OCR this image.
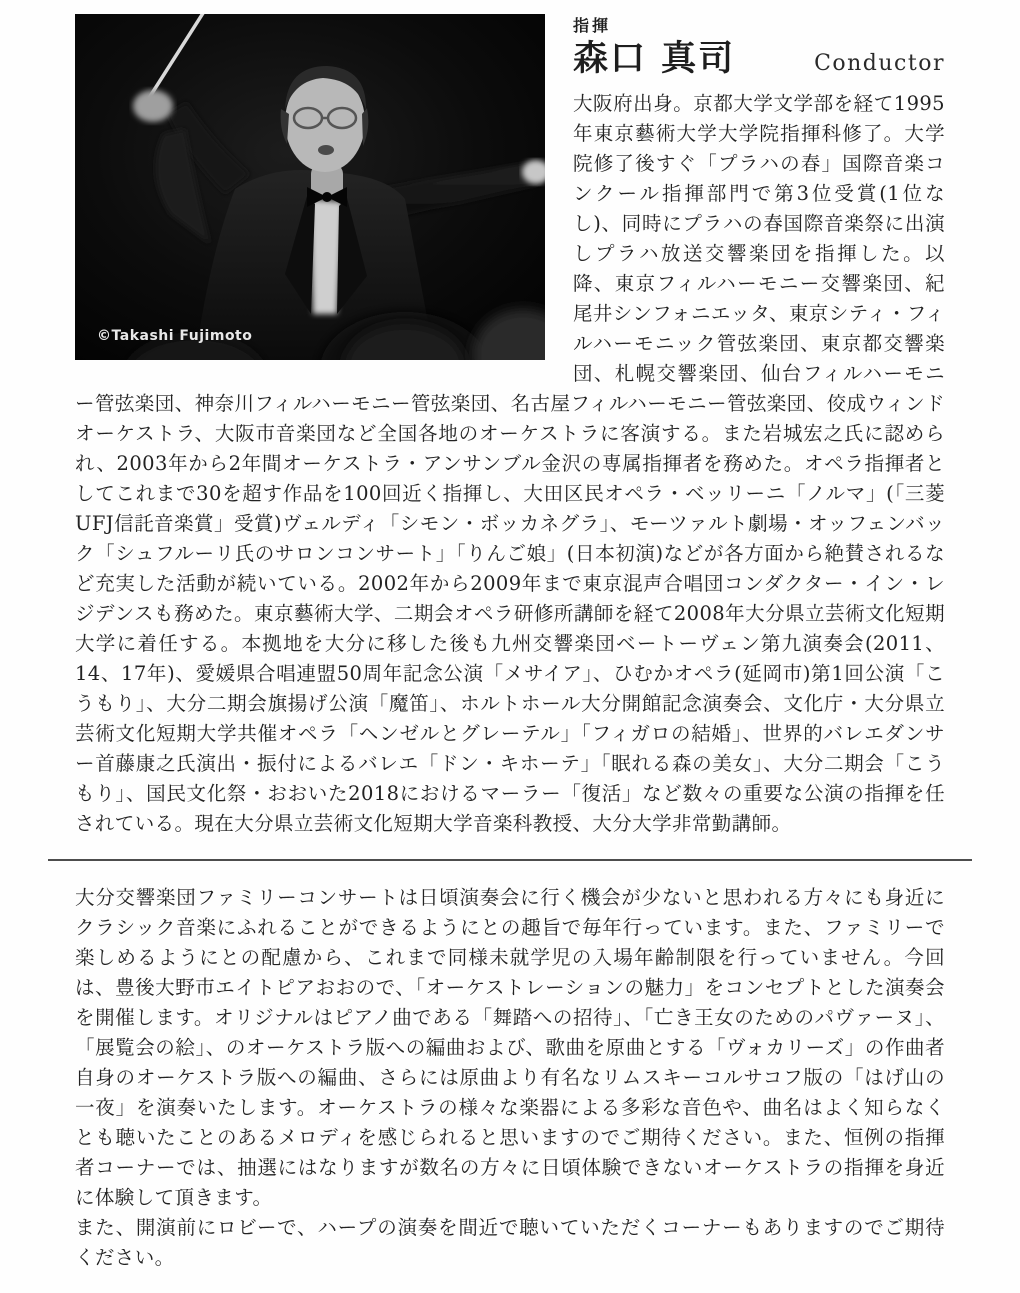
©Takashi Fujimoto

指揮

森口 真司	Conductor

大阪府出身。京都大学文学部を経て1995年東京藝術大学大学院指揮科修了。大学院修了後すぐ「プラハの春」国際音楽コンクール指揮部門で第3位受賞(1位なし)、同時にプラハの春国際音楽祭に出演しプラハ放送交響楽団を指揮した。以降、東京フィルハーモニー交響楽団、紀尾井シンフォニエッタ、東京シティ・フィルハーモニック管弦楽団、東京都交響楽団、札幌交響楽団、仙台フィルハーモニー管弦楽団、神奈川フィルハーモニー管弦楽団、名古屋フィルハーモニー管弦楽団、佼成ウィンドオーケストラ、大阪市音楽団など全国各地のオーケストラに客演する。また岩城宏之氏に認められ、2003年から2年間オーケストラ・アンサンブル金沢の専属指揮者を務めた。オペラ指揮者としてこれまで30を超す作品を100回近く指揮し、大田区民オペラ・ベッリーニ「ノルマ」(「三菱UFJ信託音楽賞」受賞)ヴェルディ「シモン・ボッカネグラ」、モーツァルト劇場・オッフェンバック「シュフルーリ氏のサロンコンサート」「りんご娘」(日本初演)などが各方面から絶賛されるなど充実した活動が続いている。2002年から2009年まで東京混声合唱団コンダクター・イン・レジデンスも務めた。東京藝術大学、二期会オペラ研修所講師を経て2008年大分県立芸術文化短期大学に着任する。本拠地を大分に移した後も九州交響楽団ベートーヴェン第九演奏会(2011、14、17年)、愛媛県合唱連盟50周年記念公演「メサイア」、ひむかオペラ(延岡市)第1回公演「こうもり」、大分二期会旗揚げ公演「魔笛」、ホルトホール大分開館記念演奏会、文化庁・大分県立芸術文化短期大学共催オペラ「ヘンゼルとグレーテル」「フィガロの結婚」、世界的バレエダンサー首藤康之氏演出・振付によるバレエ「ドン・キホーテ」「眠れる森の美女」、大分二期会「こうもり」、国民文化祭・おおいた2018におけるマーラー「復活」など数々の重要な公演の指揮を任されている。現在大分県立芸術文化短期大学音楽科教授、大分大学非常勤講師。

大分交響楽団ファミリーコンサートは日頃演奏会に行く機会が少ないと思われる方々にも身近にクラシック音楽にふれることができるようにとの趣旨で毎年行っています。また、ファミリーで楽しめるようにとの配慮から、これまで同様未就学児の入場年齢制限を行っていません。今回は、豊後大野市エイトピアおおので、「オーケストレーションの魅力」をコンセプトとした演奏会を開催します。オリジナルはピアノ曲である「舞踏への招待」、「亡き王女のためのパヴァーヌ」、「展覧会の絵」、のオーケストラ版への編曲および、歌曲を原曲とする「ヴォカリーズ」の作曲者自身のオーケストラ版への編曲、さらには原曲より有名なリムスキーコルサコフ版の「はげ山の一夜」を演奏いたします。オーケストラの様々な楽器による多彩な音色や、曲名はよく知らなくとも聴いたことのあるメロディを感じられると思いますのでご期待ください。また、恒例の指揮者コーナーでは、抽選にはなりますが数名の方々に日頃体験できないオーケストラの指揮を身近に体験して頂きます。

また、開演前にロビーで、ハープの演奏を間近で聴いていただくコーナーもありますのでご期待ください。
